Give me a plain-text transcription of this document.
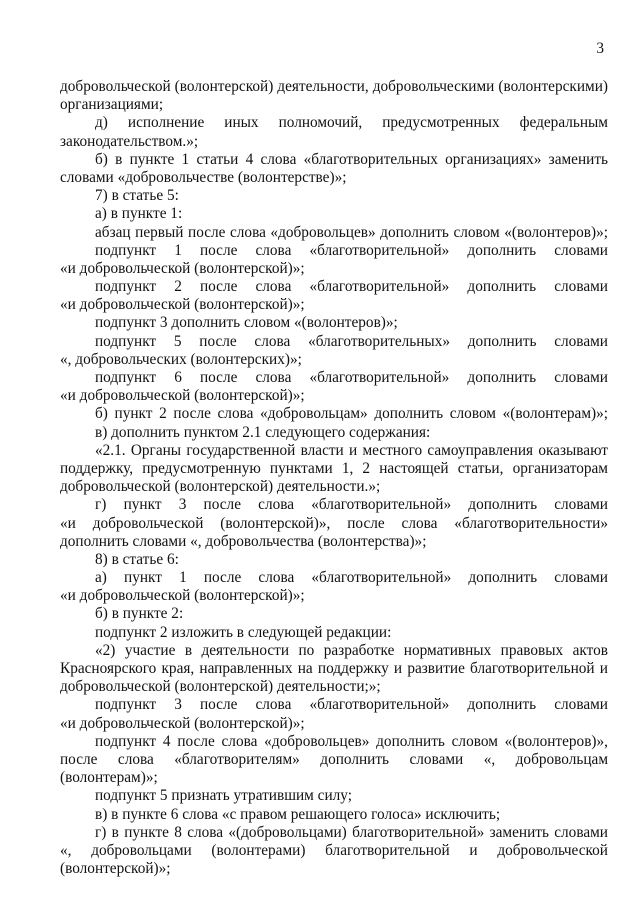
3
добровольческой (волонтерской) деятельности, добровольческими (волонтерскими)
организациями;
д) исполнение иных полномочий, предусмотренных федеральным
законодательством.»;
б) в пункте 1 статьи 4 слова «благотворительных организациях» заменить
словами «добровольчестве (волонтерстве)»;
7) в статье 5:
а) в пункте 1:
абзац первый после слова «добровольцев» дополнить словом «(волонтеров)»;
подпункт 1 после слова «благотворительной» дополнить словами
«и добровольческой (волонтерской)»;
подпункт 2 после слова «благотворительной» дополнить словами
«и добровольческой (волонтерской)»;
подпункт 3 дополнить словом «(волонтеров)»;
подпункт 5 после слова «благотворительных» дополнить словами
«, добровольческих (волонтерских)»;
подпункт 6 после слова «благотворительной» дополнить словами
«и добровольческой (волонтерской)»;
б) пункт 2 после слова «добровольцам» дополнить словом «(волонтерам)»;
в) дополнить пунктом 2.1 следующего содержания:
«2.1. Органы государственной власти и местного самоуправления оказывают
поддержку, предусмотренную пунктами 1, 2 настоящей статьи, организаторам
добровольческой (волонтерской) деятельности.»;
г) пункт 3 после слова «благотворительной» дополнить словами
«и добровольческой (волонтерской)», после слова «благотворительности»
дополнить словами «, добровольчества (волонтерства)»;
8) в статье 6:
а) пункт 1 после слова «благотворительной» дополнить словами
«и добровольческой (волонтерской)»;
б) в пункте 2:
подпункт 2 изложить в следующей редакции:
«2) участие в деятельности по разработке нормативных правовых актов
Красноярского края, направленных на поддержку и развитие благотворительной и
добровольческой (волонтерской) деятельности;»;
подпункт 3 после слова «благотворительной» дополнить словами
«и добровольческой (волонтерской)»;
подпункт 4 после слова «добровольцев» дополнить словом «(волонтеров)»,
после слова «благотворителям» дополнить словами «, добровольцам
(волонтерам)»;
подпункт 5 признать утратившим силу;
в) в пункте 6 слова «с правом решающего голоса» исключить;
г) в пункте 8 слова «(добровольцами) благотворительной» заменить словами
«, добровольцами (волонтерами) благотворительной и добровольческой
(волонтерской)»;
